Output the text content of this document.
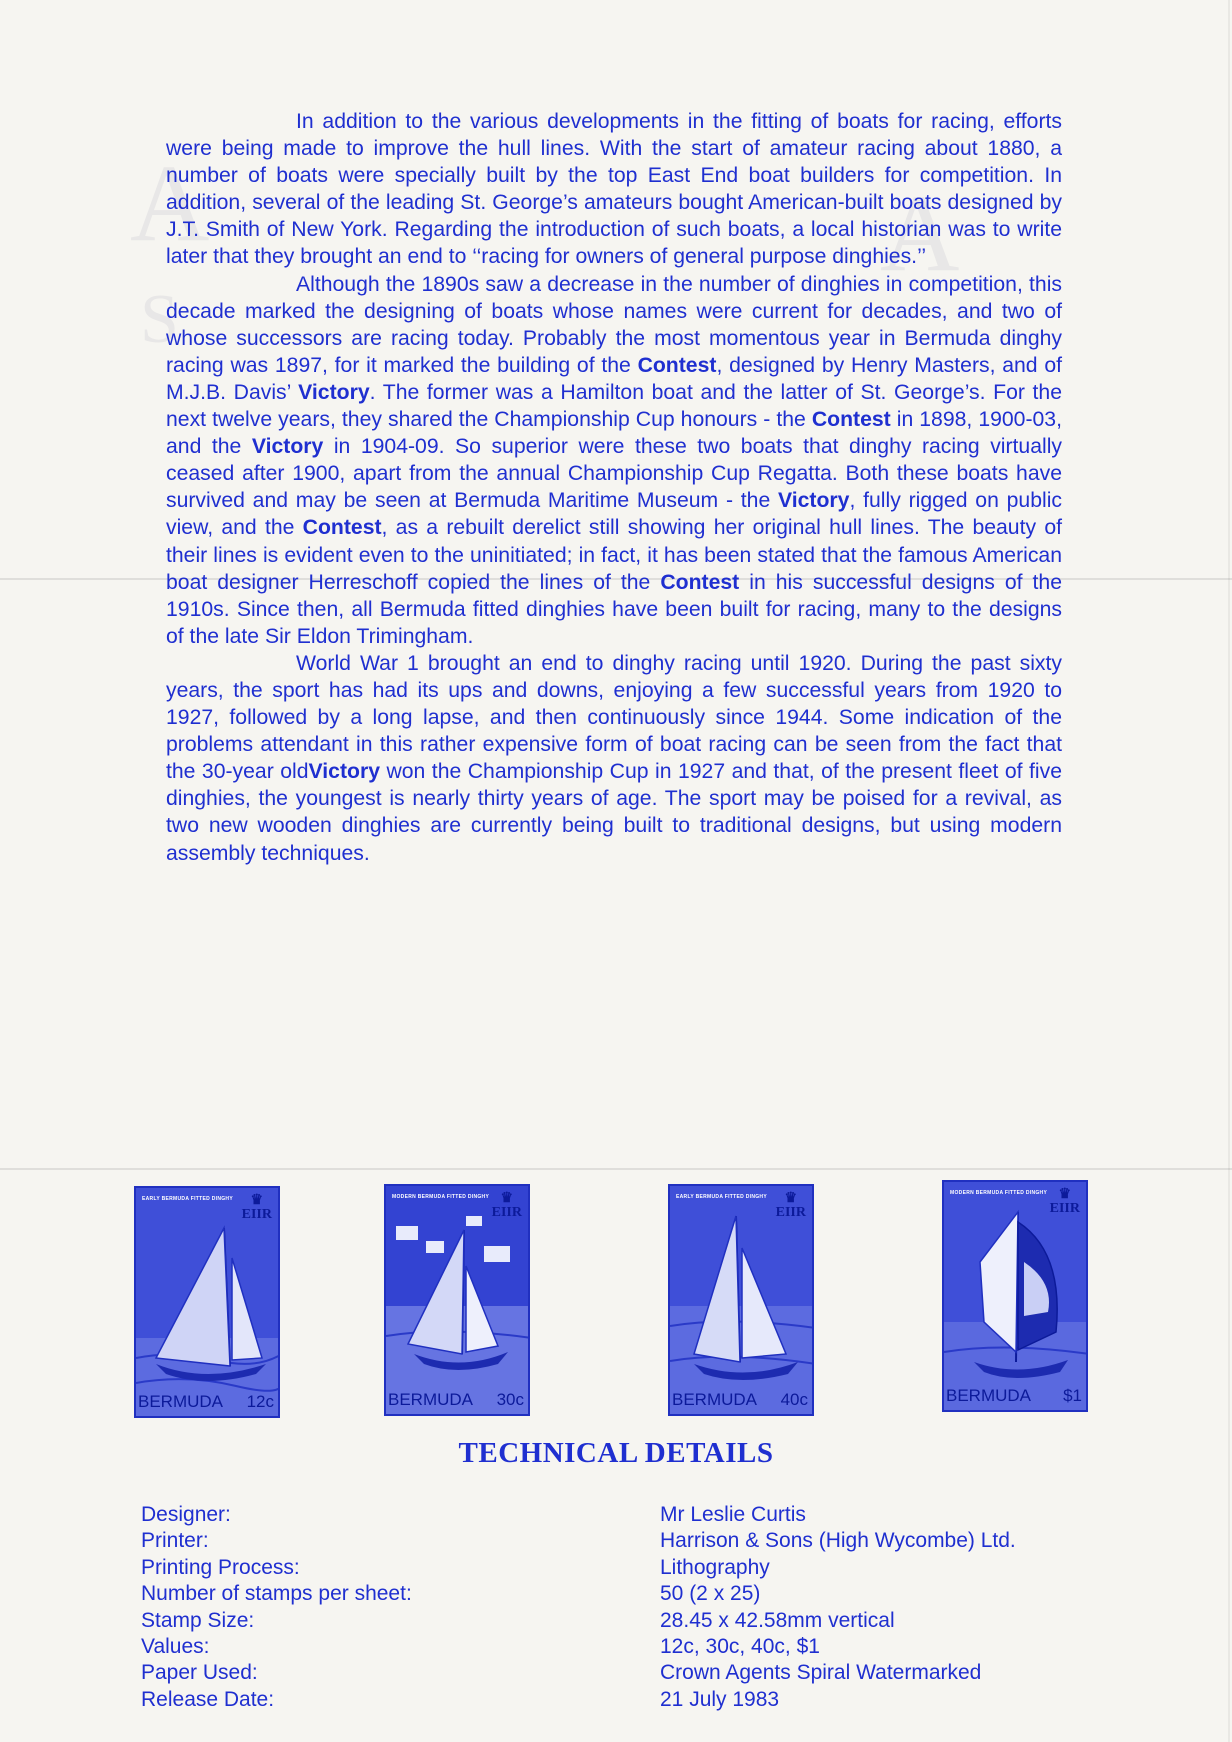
A	A
S

In addition to the various developments in the fitting of boats for racing, efforts were being made to improve the hull lines. With the start of amateur racing about 1880, a number of boats were specially built by the top East End boat builders for competition. In addition, several of the leading St. George’s amateurs bought American-built boats designed by J.T. Smith of New York. Regarding the introduction of such boats, a local historian was to write later that they brought an end to ‘‘racing for owners of general purpose dinghies.’’

Although the 1890s saw a decrease in the number of dinghies in competition, this decade marked the designing of boats whose names were current for decades, and two of whose successors are racing today. Probably the most momentous year in Bermuda dinghy racing was 1897, for it marked the building of the Contest, designed by Henry Masters, and of M.J.B. Davis’ Victory. The former was a Hamilton boat and the latter of St. George’s. For the next twelve years, they shared the Championship Cup honours - the Contest in 1898, 1900-03, and the Victory in 1904-09. So superior were these two boats that dinghy racing virtually ceased after 1900, apart from the annual Championship Cup Regatta. Both these boats have survived and may be seen at Bermuda Maritime Museum - the Victory, fully rigged on public view, and the Contest, as a rebuilt derelict still showing her original hull lines. The beauty of their lines is evident even to the uninitiated; in fact, it has been stated that the famous American boat designer Herreschoff copied the lines of the Contest in his successful designs of the 1910s. Since then, all Bermuda fitted dinghies have been built for racing, many to the designs of the late Sir Eldon Trimingham.

World War 1 brought an end to dinghy racing until 1920. During the past sixty years, the sport has had its ups and downs, enjoying a few successful years from 1920 to 1927, followed by a long lapse, and then continuously since 1944. Some indication of the problems attendant in this rather expensive form of boat racing can be seen from the fact that the 30-year oldVictory won the Championship Cup in 1927 and that, of the present fleet of five dinghies, the youngest is nearly thirty years of age. The sport may be poised for a revival, as two new wooden dinghies are currently being built to traditional designs, but using modern assembly techniques.

EARLY BERMUDA FITTED DINGHY	♛
EIIR
BERMUDA 12c
MODERN BERMUDA FITTED DINGHY ♛
EIIR
BERMUDA 30c
EARLY BERMUDA FITTED DINGHY	♛
EIIR
BERMUDA 40c
MODERN BERMUDA FITTED DINGHY ♛
EIIR
BERMUDA $1
TECHNICAL DETAILS
Designer:	Mr Leslie Curtis
Printer:	Harrison & Sons (High Wycombe) Ltd.
Printing Process:	Lithography
Number of stamps per sheet:	50 (2 x 25)
Stamp Size:	28.45 x 42.58mm vertical
Values:	12c, 30c, 40c, $1
Paper Used:	Crown Agents Spiral Watermarked
Release Date:	21 July 1983
